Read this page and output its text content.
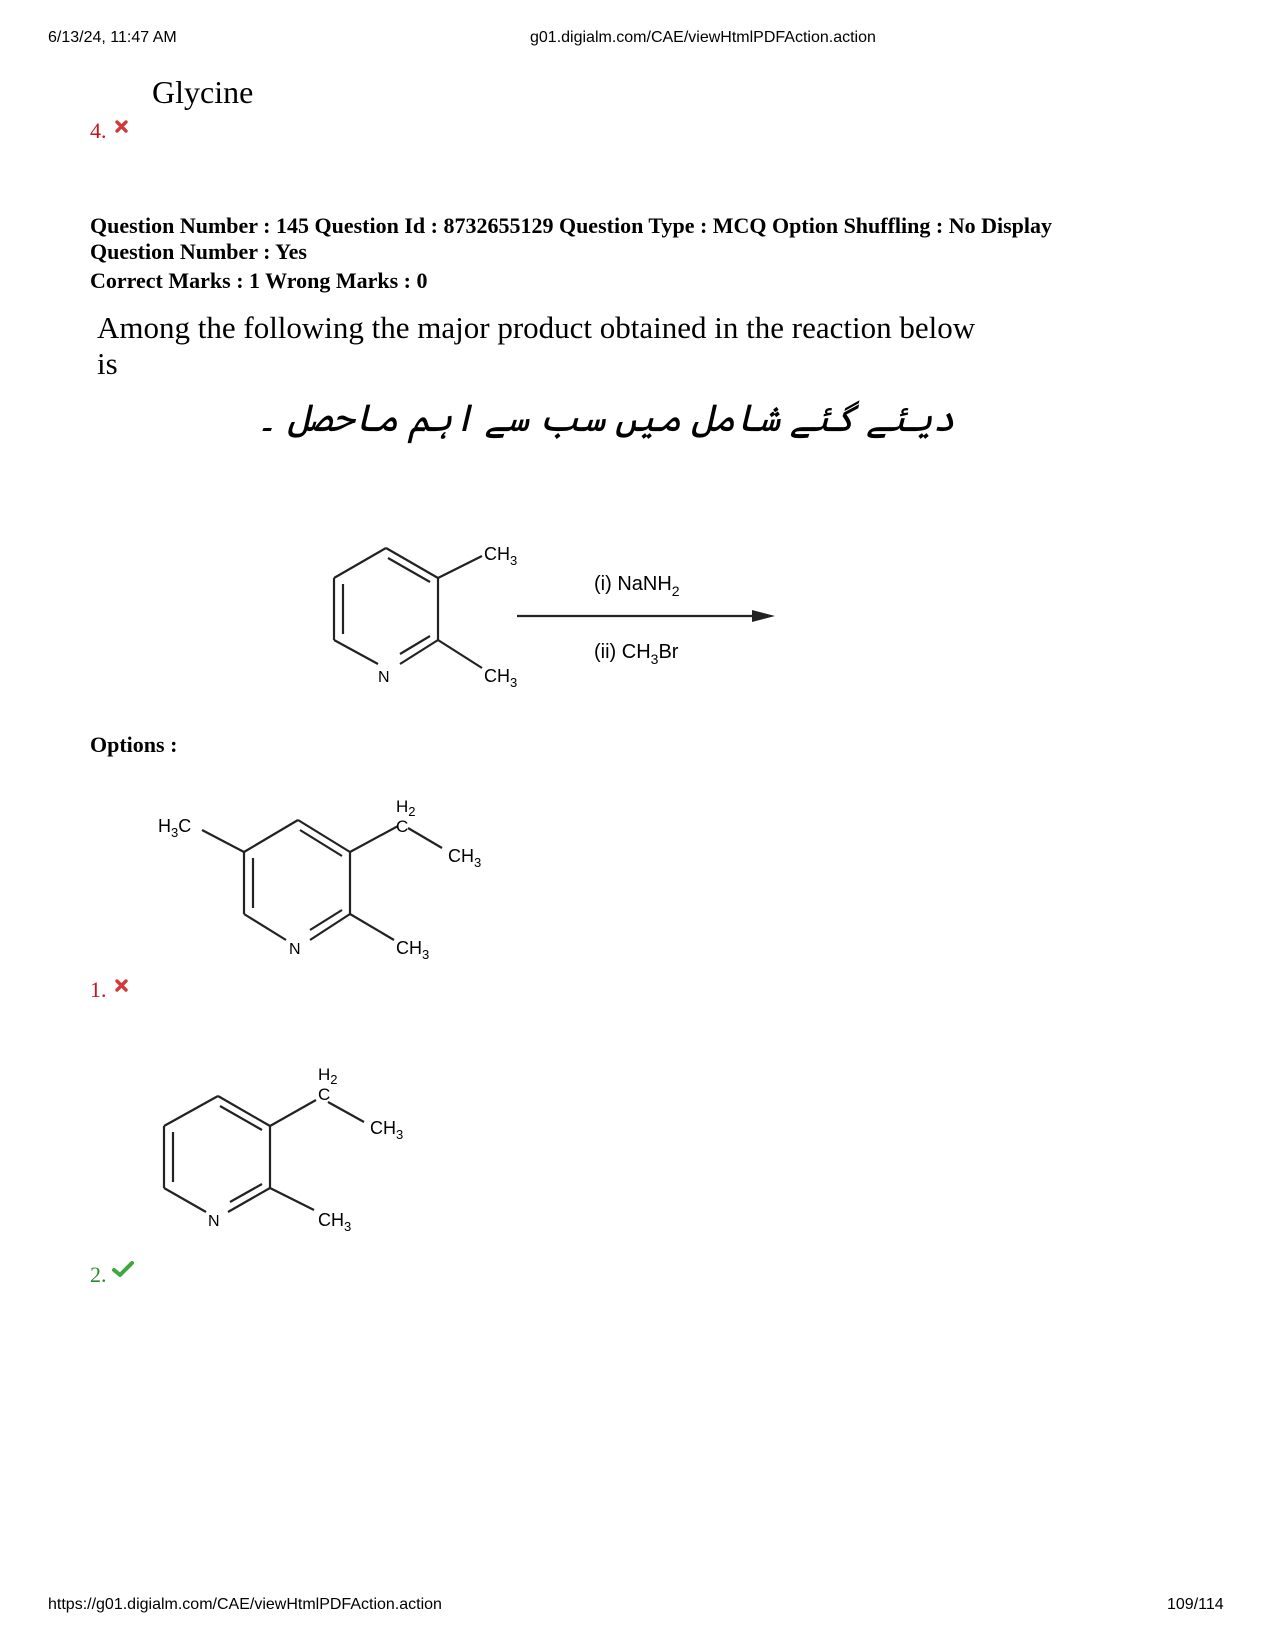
6/13/24, 11:47 AM	g01.digialm.com/CAE/viewHtmlPDFAction.action
Glycine
4.
Question Number : 145 Question Id : 8732655129 Question Type : MCQ Option Shuffling : No Display
Question Number : Yes
Correct Marks : 1 Wrong Marks : 0
Among the following the major product obtained in the reaction below
is
دیئے گئے شامل میں سب سے اہم ماحصل ۔
N
$CH_3$
$CH_3$
(i) NaNH$_2$
(ii) $CH_3Br$
Options :
$H_3C$
$H_2$
C
$CH_3$
$CH_3$
N
1.
$H_2$
C
$CH_3$
$CH_3$
N
2.
https://g01.digialm.com/CAE/viewHtmlPDFAction.action	109/114
